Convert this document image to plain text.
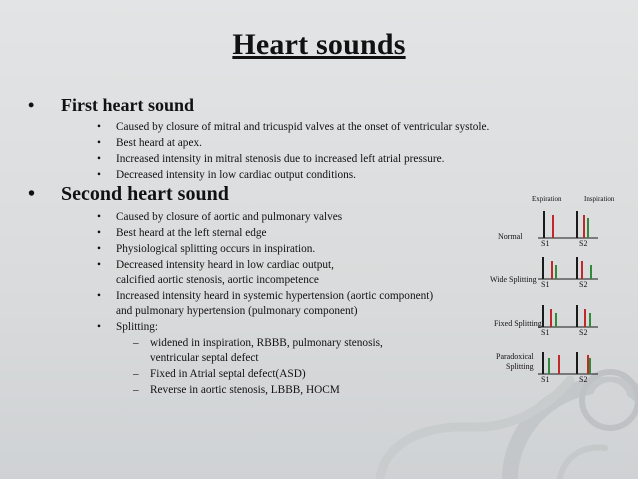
Heart sounds
• First heart sound
• Caused by closure of mitral and tricuspid valves at the onset of ventricular systole.
• Best heard at apex.
• Increased intensity in mitral stenosis due to increased left atrial pressure.
• Decreased intensity in low cardiac output conditions.
• Second heart sound
• Caused by closure of aortic and pulmonary valves
• Best heard at the left sternal edge
• Physiological splitting occurs in inspiration.
• Decreased intensity heard in low cardiac output,
calcified aortic stenosis, aortic incompetence
• Increased intensity heard in systemic hypertension (aortic component)
and pulmonary hypertension (pulmonary component)
• Splitting:
– widened in inspiration, RBBB, pulmonary stenosis,
ventricular septal defect
– Fixed in Atrial septal defect(ASD)
– Reverse in aortic stenosis, LBBB, HOCM
Expiration	Inspiration
Normal
Wide Splitting
Fixed Splitting
Paradoxical
Splitting
S1	S2
S1	S2
S1	S2
S1	S2
